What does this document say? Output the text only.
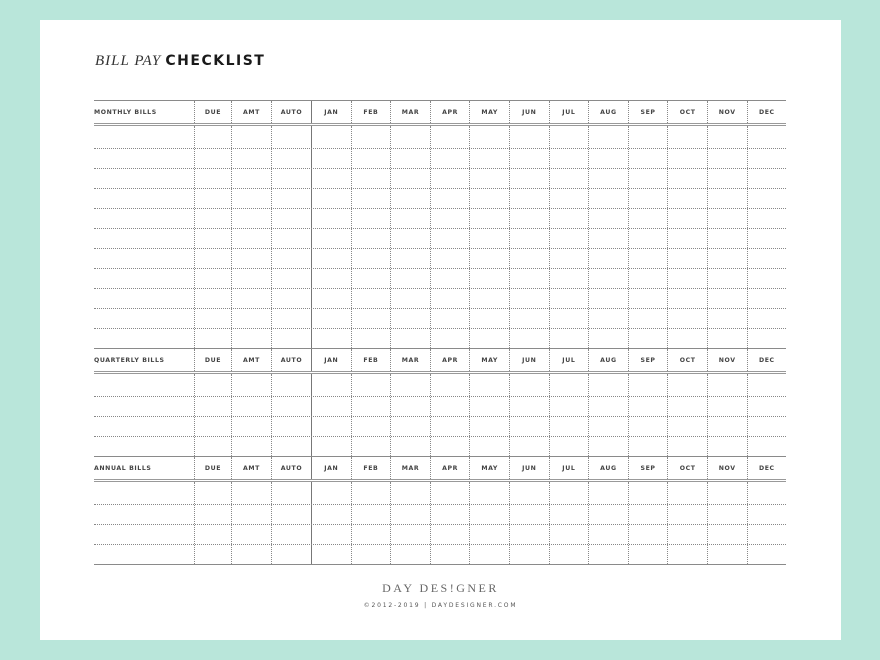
BILL PAY CHECKLIST
MONTHLY BILLS	DUE	AMT	AUTO	JAN	FEB	MAR	APR	MAY	JUN	JUL	AUG	SEP	OCT	NOV	DEC
QUARTERLY BILLS	DUE	AMT	AUTO	JAN	FEB	MAR	APR	MAY	JUN	JUL	AUG	SEP	OCT	NOV	DEC
ANNUAL BILLS	DUE	AMT	AUTO	JAN	FEB	MAR	APR	MAY	JUN	JUL	AUG	SEP	OCT	NOV	DEC
DAY DES!GNER
©2012-2019 | DAYDESIGNER.COM
